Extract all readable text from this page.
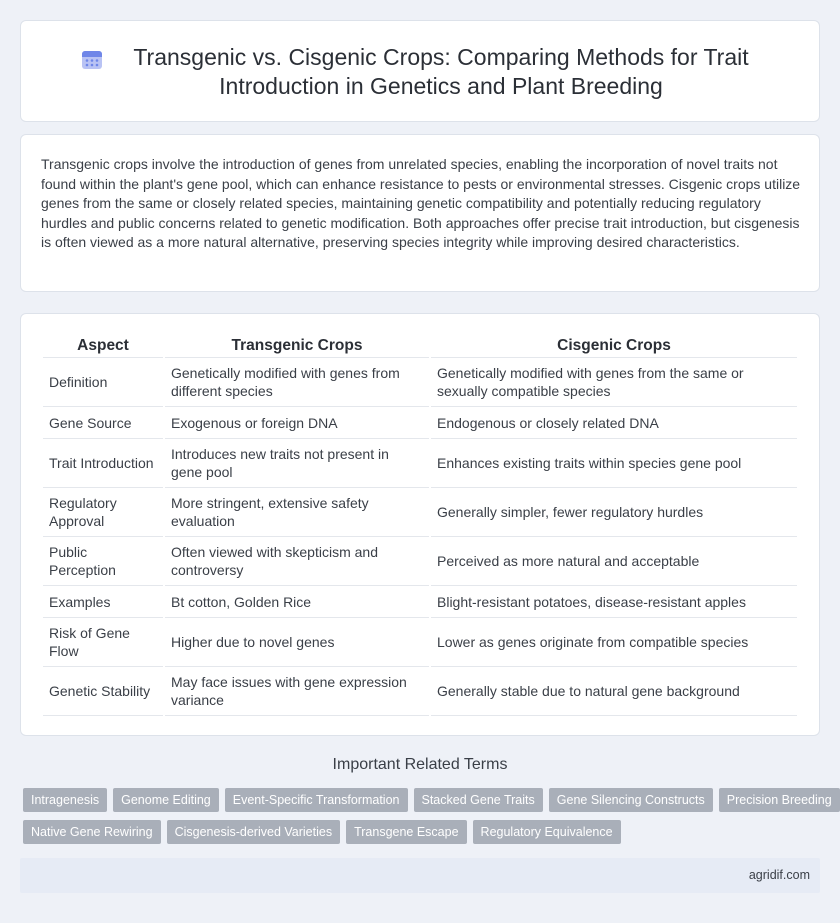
Transgenic vs. Cisgenic Crops: Comparing Methods for Trait Introduction in Genetics and Plant Breeding

Transgenic crops involve the introduction of genes from unrelated species, enabling the incorporation of novel traits not found within the plant's gene pool, which can enhance resistance to pests or environmental stresses. Cisgenic crops utilize genes from the same or closely related species, maintaining genetic compatibility and potentially reducing regulatory hurdles and public concerns related to genetic modification. Both approaches offer precise trait introduction, but cisgenesis is often viewed as a more natural alternative, preserving species integrity while improving desired characteristics.

Aspect	Transgenic Crops	Cisgenic Crops
Definition	Genetically modified with genes from different species	Genetically modified with genes from the same or sexually compatible species
Gene Source	Exogenous or foreign DNA	Endogenous or closely related DNA
Trait Introduction	Introduces new traits not present in gene pool	Enhances existing traits within species gene pool
Regulatory Approval	More stringent, extensive safety evaluation	Generally simpler, fewer regulatory hurdles
Public Perception	Often viewed with skepticism and controversy	Perceived as more natural and acceptable
Examples	Bt cotton, Golden Rice	Blight-resistant potatoes, disease-resistant apples
Risk of Gene Flow	Higher due to novel genes	Lower as genes originate from compatible species
Genetic Stability	May face issues with gene expression variance	Generally stable due to natural gene background
Important Related Terms
Intragenesis	Genome Editing	Event-Specific Transformation	Stacked Gene Traits	Gene Silencing Constructs	Precision Breeding
Native Gene Rewiring	Cisgenesis-derived Varieties	Transgene Escape	Regulatory Equivalence
agridif.com
